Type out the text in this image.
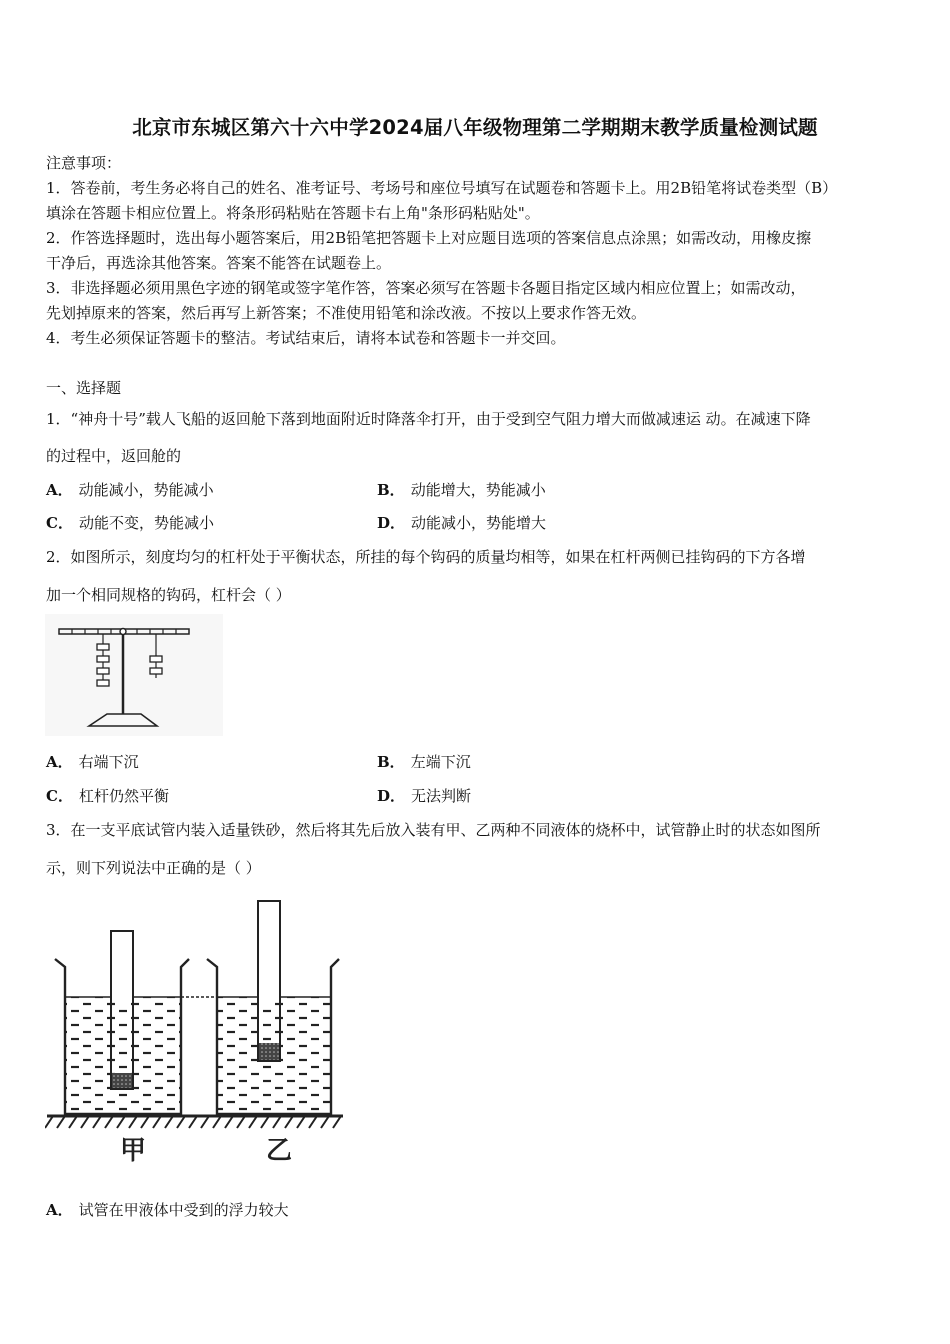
北京市东城区第六十六中学2024届八年级物理第二学期期末教学质量检测试题
注意事项：
1．答卷前，考生务必将自己的姓名、准考证号、考场号和座位号填写在试题卷和答题卡上。用2B铅笔将试卷类型（B）
填涂在答题卡相应位置上。将条形码粘贴在答题卡右上角"条形码粘贴处"。
2．作答选择题时，选出每小题答案后，用2B铅笔把答题卡上对应题目选项的答案信息点涂黑；如需改动，用橡皮擦
干净后，再选涂其他答案。答案不能答在试题卷上。
3．非选择题必须用黑色字迹的钢笔或签字笔作答，答案必须写在答题卡各题目指定区域内相应位置上；如需改动，
先划掉原来的答案，然后再写上新答案；不准使用铅笔和涂改液。不按以上要求作答无效。
4．考生必须保证答题卡的整洁。考试结束后，请将本试卷和答题卡一并交回。
一、选择题
1．“神舟十号”载人飞船的返回舱下落到地面附近时降落伞打开，由于受到空气阻力增大而做减速运 动。在减速下降
的过程中，返回舱的
A． 动能减小，势能减小	B． 动能增大，势能减小
C． 动能不变，势能减小	D． 动能减小，势能增大
2．如图所示，刻度均匀的杠杆处于平衡状态，所挂的每个钩码的质量均相等，如果在杠杆两侧已挂钩码的下方各增
加一个相同规格的钩码，杠杆会（ ）
A． 右端下沉	B． 左端下沉
C． 杠杆仍然平衡	D． 无法判断
3．在一支平底试管内装入适量铁砂，然后将其先后放入装有甲、乙两种不同液体的烧杯中，试管静止时的状态如图所
示，则下列说法中正确的是（ ）
甲	乙
A． 试管在甲液体中受到的浮力较大
